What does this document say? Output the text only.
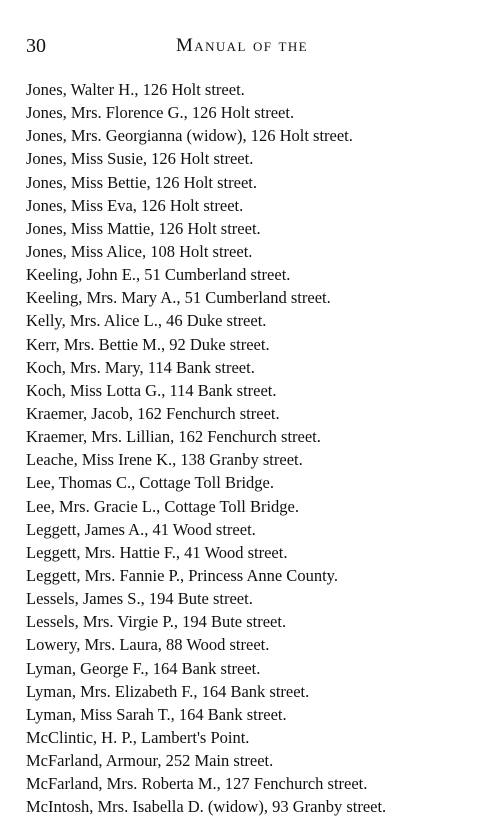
30	Manual of the
Jones, Walter H., 126 Holt street.
Jones, Mrs. Florence G., 126 Holt street.
Jones, Mrs. Georgianna (widow), 126 Holt street.
Jones, Miss Susie, 126 Holt street.
Jones, Miss Bettie, 126 Holt street.
Jones, Miss Eva, 126 Holt street.
Jones, Miss Mattie, 126 Holt street.
Jones, Miss Alice, 108 Holt street.
Keeling, John E., 51 Cumberland street.
Keeling, Mrs. Mary A., 51 Cumberland street.
Kelly, Mrs. Alice L., 46 Duke street.
Kerr, Mrs. Bettie M., 92 Duke street.
Koch, Mrs. Mary, 114 Bank street.
Koch, Miss Lotta G., 114 Bank street.
Kraemer, Jacob, 162 Fenchurch street.
Kraemer, Mrs. Lillian, 162 Fenchurch street.
Leache, Miss Irene K., 138 Granby street.
Lee, Thomas C., Cottage Toll Bridge.
Lee, Mrs. Gracie L., Cottage Toll Bridge.
Leggett, James A., 41 Wood street.
Leggett, Mrs. Hattie F., 41 Wood street.
Leggett, Mrs. Fannie P., Princess Anne County.
Lessels, James S., 194 Bute street.
Lessels, Mrs. Virgie P., 194 Bute street.
Lowery, Mrs. Laura, 88 Wood street.
Lyman, George F., 164 Bank street.
Lyman, Mrs. Elizabeth F., 164 Bank street.
Lyman, Miss Sarah T., 164 Bank street.
McClintic, H. P., Lambert's Point.
McFarland, Armour, 252 Main street.
McFarland, Mrs. Roberta M., 127 Fenchurch street.
McIntosh, Mrs. Isabella D. (widow), 93 Granby street.
